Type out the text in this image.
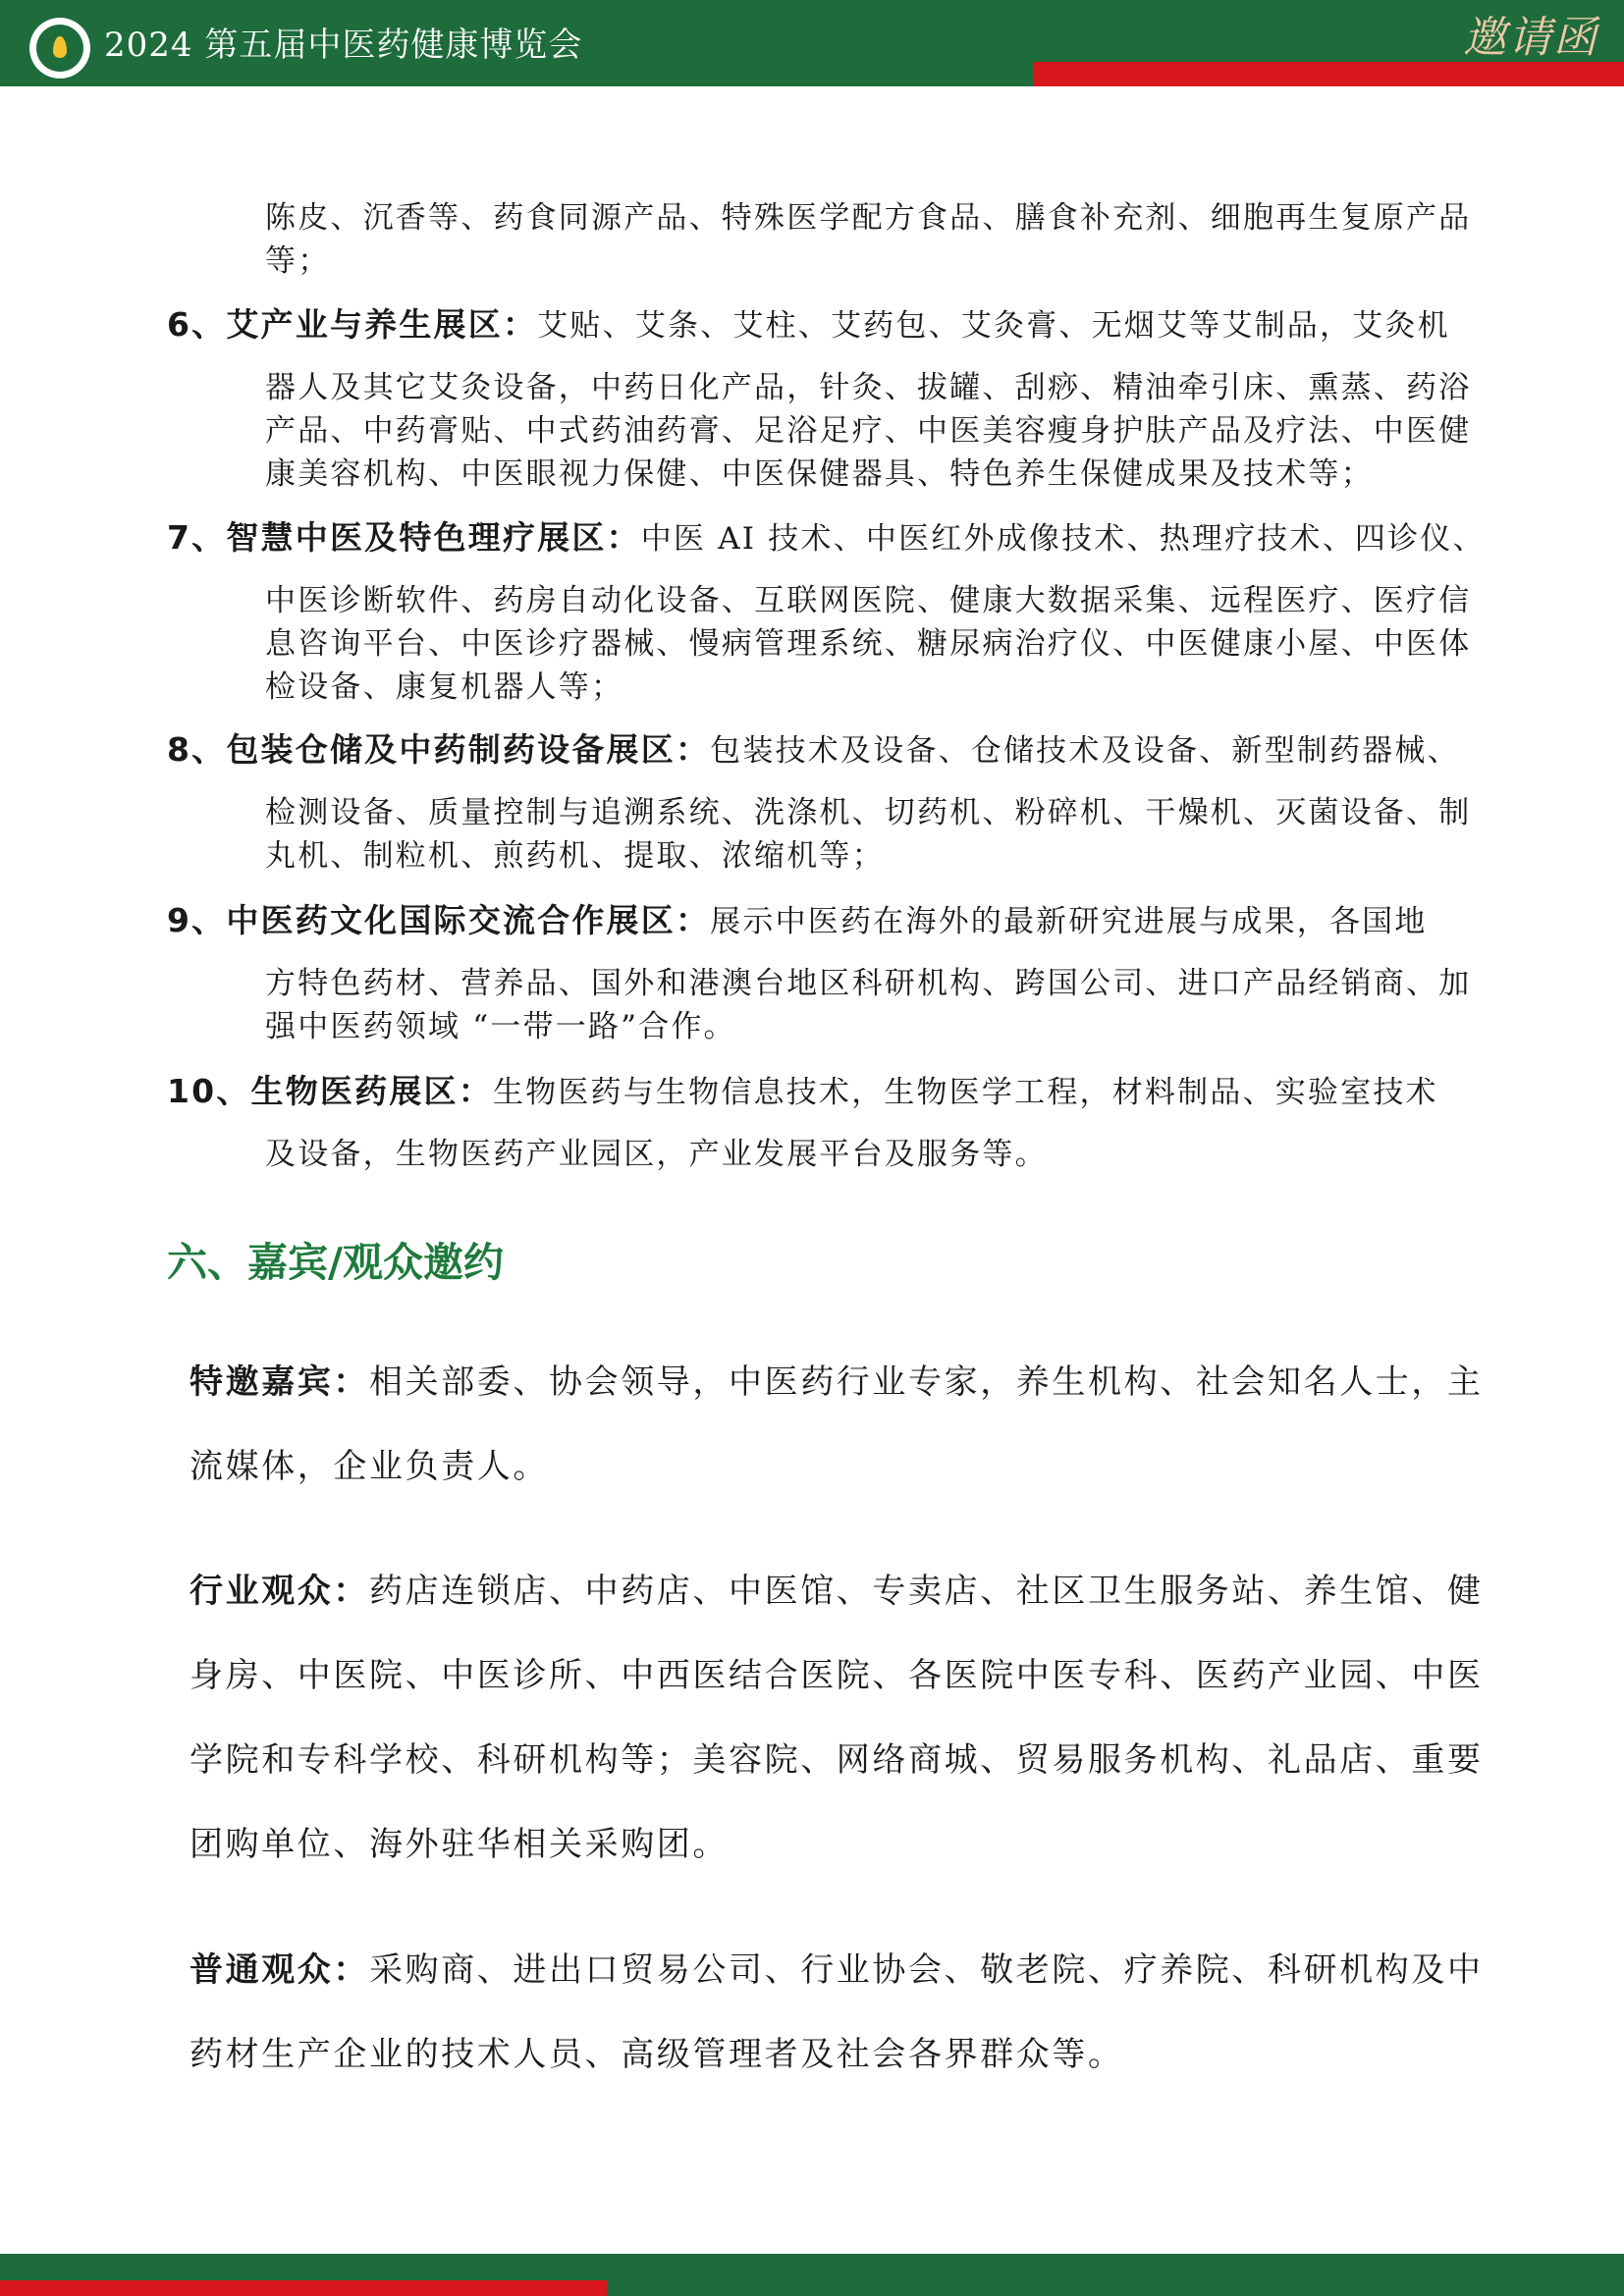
2024 第五届中医药健康博览会	邀请函
陈皮、沉香等、药食同源产品、特殊医学配方食品、膳食补充剂、细胞再生复原产品等；
6、艾产业与养生展区：艾贴、艾条、艾柱、艾药包、艾灸膏、无烟艾等艾制品，艾灸机
器人及其它艾灸设备，中药日化产品，针灸、拔罐、刮痧、精油牵引床、熏蒸、药浴产品、中药膏贴、中式药油药膏、足浴足疗、中医美容瘦身护肤产品及疗法、中医健康美容机构、中医眼视力保健、中医保健器具、特色养生保健成果及技术等；
7、智慧中医及特色理疗展区：中医 AI 技术、中医红外成像技术、热理疗技术、四诊仪、
中医诊断软件、药房自动化设备、互联网医院、健康大数据采集、远程医疗、医疗信息咨询平台、中医诊疗器械、慢病管理系统、糖尿病治疗仪、中医健康小屋、中医体检设备、康复机器人等；
8、包装仓储及中药制药设备展区：包装技术及设备、仓储技术及设备、新型制药器械、
检测设备、质量控制与追溯系统、洗涤机、切药机、粉碎机、干燥机、灭菌设备、制丸机、制粒机、煎药机、提取、浓缩机等；
9、中医药文化国际交流合作展区：展示中医药在海外的最新研究进展与成果，各国地
方特色药材、营养品、国外和港澳台地区科研机构、跨国公司、进口产品经销商、加强中医药领域 “一带一路”合作。
10、生物医药展区：生物医药与生物信息技术，生物医学工程，材料制品、实验室技术
及设备，生物医药产业园区，产业发展平台及服务等。
六、嘉宾/观众邀约
特邀嘉宾：相关部委、协会领导，中医药行业专家，养生机构、社会知名人士，主流媒体，企业负责人。
行业观众：药店连锁店、中药店、中医馆、专卖店、社区卫生服务站、养生馆、健身房、中医院、中医诊所、中西医结合医院、各医院中医专科、医药产业园、中医学院和专科学校、科研机构等；美容院、网络商城、贸易服务机构、礼品店、重要团购单位、海外驻华相关采购团。
普通观众：采购商、进出口贸易公司、行业协会、敬老院、疗养院、科研机构及中药材生产企业的技术人员、高级管理者及社会各界群众等。
